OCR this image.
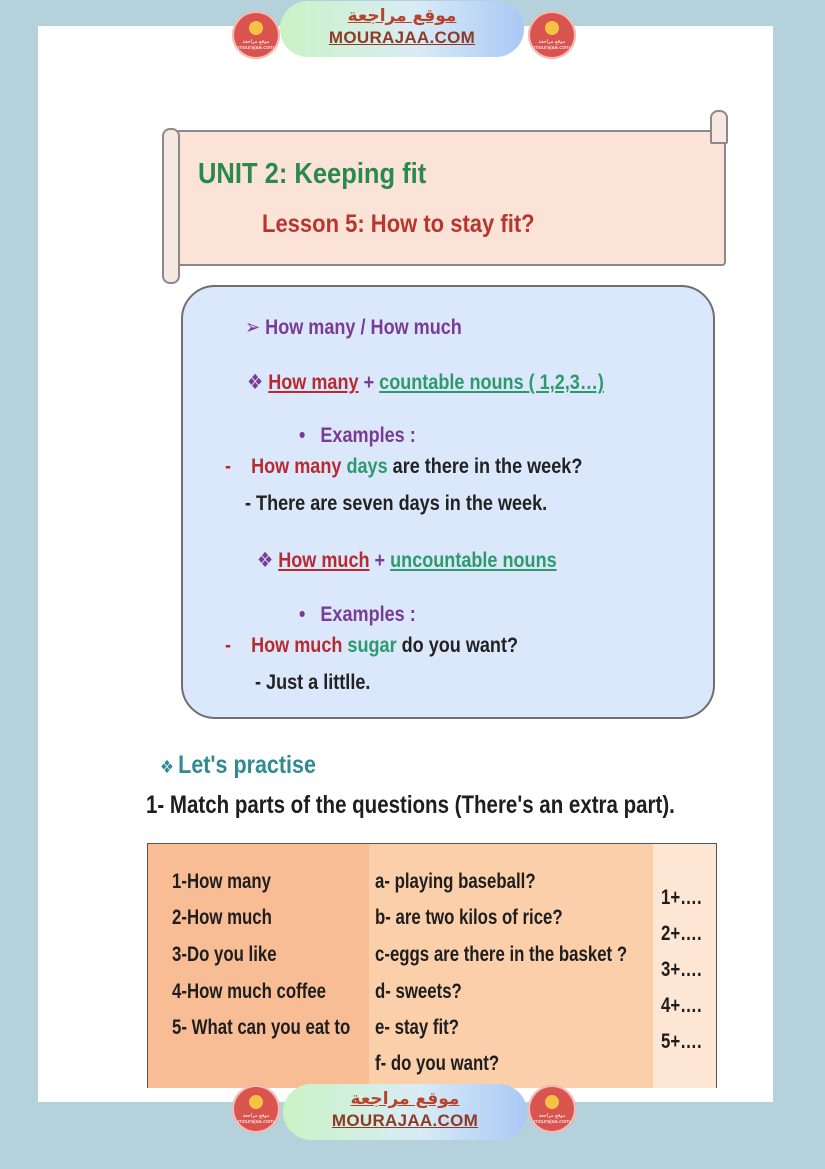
موقع مراجعة
mourajaa.com
موقع مراجعة
MOURAJAA.COM	موقع مراجعة
mourajaa.com
UNIT 2: Keeping fit
Lesson 5: How to stay fit?
➢ How many / How much
❖ How many + countable nouns ( 1,2,3…)
•   Examples :
- How many days are there in the week?
- There are seven days in the week.
❖ How much + uncountable nouns
•   Examples :
- How much sugar do you want?
- Just a littlle.
❖ Let's practise
1- Match parts of the questions (There's an extra part).
1-How many
2-How much
3-Do you like
4-How much coffee
5- What can you eat to
a- playing baseball?
b- are two kilos of rice?
c-eggs are there in the basket ?
d- sweets?
e- stay fit?
f- do you want?
1+….
2+….
3+….
4+….
5+….
موقع مراجعة
mourajaa.com
موقع مراجعة
MOURAJAA.COM	موقع مراجعة
mourajaa.com
